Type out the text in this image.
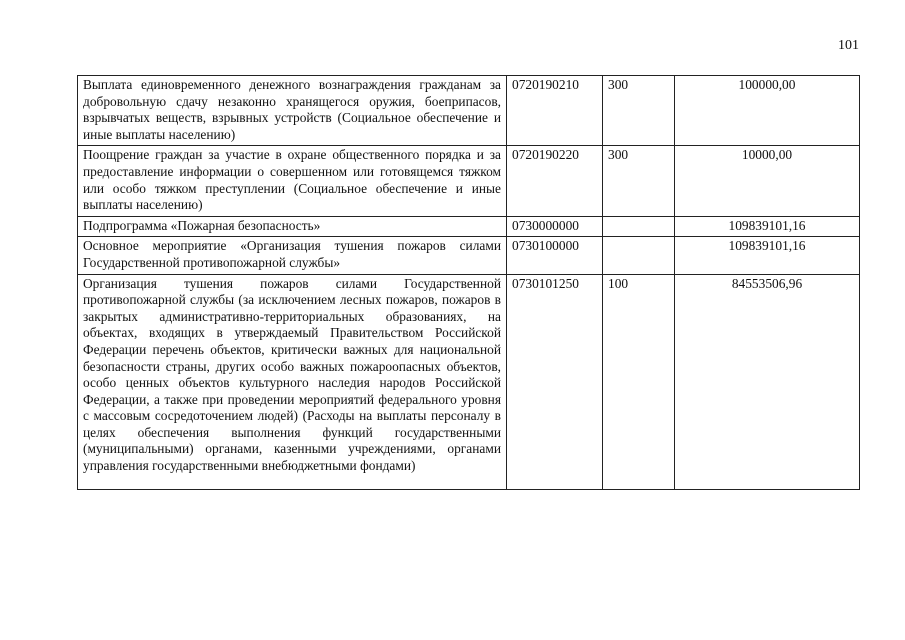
101
Выплата единовременного денежного вознаграждения гражданам за добровольную сдачу незаконно хранящегося оружия, боеприпасов, взрывчатых веществ, взрывных устройств (Социальное обеспечение и иные выплаты населению)	0720190210	300	100000,00
Поощрение граждан за участие в охране общественного порядка и за предоставление информации о совершенном или готовящемся тяжком или особо тяжком преступлении (Социальное обеспечение и иные выплаты населению)	0720190220	300	10000,00
Подпрограмма «Пожарная безопасность»	0730000000		109839101,16
Основное мероприятие «Организация тушения пожаров силами Государственной противопожарной службы»	0730100000		109839101,16
Организация тушения пожаров силами Государственной противопожарной службы (за исключением лесных пожаров, пожаров в закрытых административно-территориальных образованиях, на объектах, входящих в утверждаемый Правительством Российской Федерации перечень объектов, критически важных для национальной безопасности страны, других особо важных пожароопасных объектов, особо ценных объектов культурного наследия народов Российской Федерации, а также при проведении мероприятий федерального уровня с массовым сосредоточением людей) (Расходы на выплаты персоналу в целях обеспечения выполнения функций государственными (муниципальными) органами, казенными учреждениями, органами управления государственными внебюджетными фондами)	0730101250	100	84553506,96
